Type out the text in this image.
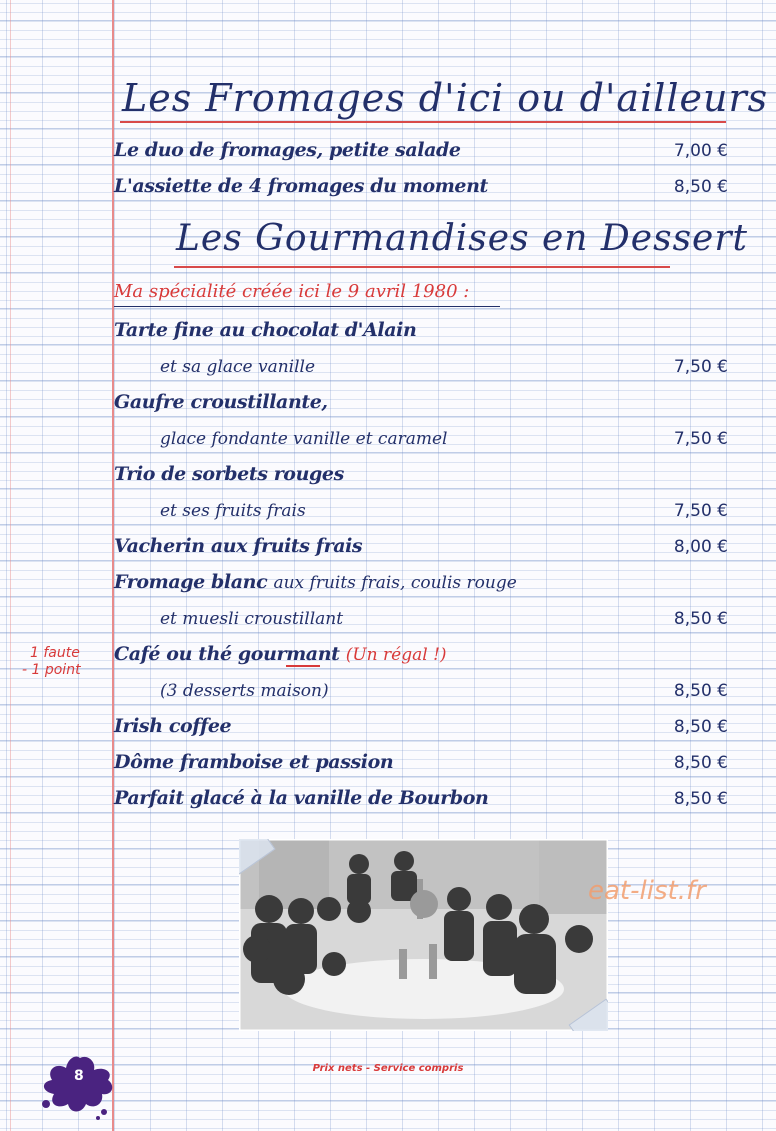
Les Fromages d'ici ou d'ailleurs
Le duo de fromages, petite salade	7,00 €
L'assiette de 4 fromages du moment	8,50 €
Les Gourmandises en Dessert
Ma spécialité créée ici le 9 avril 1980 :
Tarte fine au chocolat d'Alain
et sa glace vanille	7,50 €
Gaufre croustillante,
glace fondante vanille et caramel	7,50 €
Trio de sorbets rouges
et ses fruits frais	7,50 €
Vacherin aux fruits frais	8,00 €
Fromage blanc aux fruits frais, coulis rouge
et muesli croustillant	8,50 €
1 faute
- 1 point
Café ou thé gourmant (Un régal !)
(3 desserts maison)	8,50 €
Irish coffee	8,50 €
Dôme framboise et passion	8,50 €
Parfait glacé à la vanille de Bourbon	8,50 €
eat-list.fr
Prix nets - Service compris
8
